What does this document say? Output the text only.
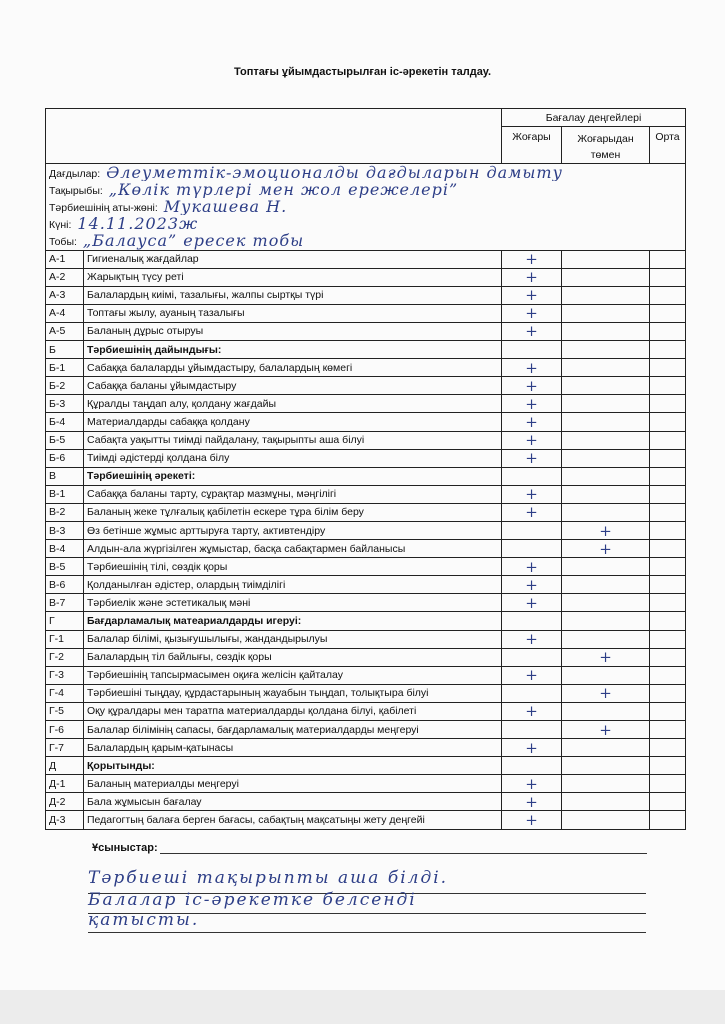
Топтағы ұйымдастырылған іс-әрекетін талдау.
		Бағалау деңгейлері		
		Жоғары	Жоғарыдан
төмен	Орта
Дағдылар: Әлеуметтік-эмоционалды дағдыларын дамыту				
Тақырыбы: „Көлік түрлері мен жол ережелері”				
Тәрбиешінің аты-жөні: Мукашева Н.				
Күні: 14.11.2023ж				
Тобы: „Балауса” ересек тобы				
А-1	Гигиеналық жағдайлар	+		
А-2	Жарықтың түсу реті	+		
А-3	Балалардың киімі, тазалығы, жалпы сыртқы түрі	+		
А-4	Топтағы жылу, ауаның тазалығы	+		
А-5	Баланың дұрыс отыруы	+		
Б	Тәрбиешінің дайындығы:			
Б-1	Сабаққа балаларды ұйымдастыру, балалардың көмегі	+		
Б-2	Сабаққа баланы ұйымдастыру	+		
Б-3	Құралды таңдап алу, қолдану жағдайы	+		
Б-4	Материалдарды сабаққа қолдану	+		
Б-5	Сабақта уақытты тиімді пайдалану, тақырыпты аша білуі	+		
Б-6	Тиімді әдістерді қолдана білу	+		
В	Тәрбиешінің әрекеті:			
В-1	Сабаққа баланы тарту, сұрақтар мазмұны, мәңгілігі	+		
В-2	Баланың жеке тұлғалық қабілетін ескере тұра білім беру	+		
В-3	Өз бетінше жұмыс арттыруға тарту, активтендіру		+	
В-4	Алдын-ала жүргізілген жұмыстар, басқа сабақтармен байланысы		+	
В-5	Тәрбиешінің тілі, сөздік қоры	+		
В-6	Қолданылған әдістер, олардың тиімділігі	+		
В-7	Тәрбиелік және эстетикалық мәні	+		
Г	Бағдарламалық матеариалдарды игеруі:			
Г-1	Балалар білімі, қызығушылығы, жандандырылуы	+		
Г-2	Балалардың тіл байлығы, сөздік қоры		+	
Г-3	Тәрбиешінің тапсырмасымен оқиға желісін қайталау	+		
Г-4	Тәрбиешіні тыңдау, құрдастарының жауабын тыңдап, толықтыра білуі		+	
Г-5	Оқу құралдары мен таратпа материалдарды қолдана білуі, қабілеті	+		
Г-6	Балалар білімінің сапасы, бағдарламалық материалдарды меңгеруі		+	
Г-7	Балалардың қарым-қатынасы	+		
Д	Қорытынды:			
Д-1	Баланың материалды меңгеруі	+		
Д-2	Бала жұмысын бағалау	+		
Д-3	Педагогтың балаға берген бағасы, сабақтың мақсатыңы жету деңгейі	+		
Ұсыныстар:
Тәрбиеші тақырыпты аша білді.
Балалар іс-әрекетке белсенді
қатысты.
